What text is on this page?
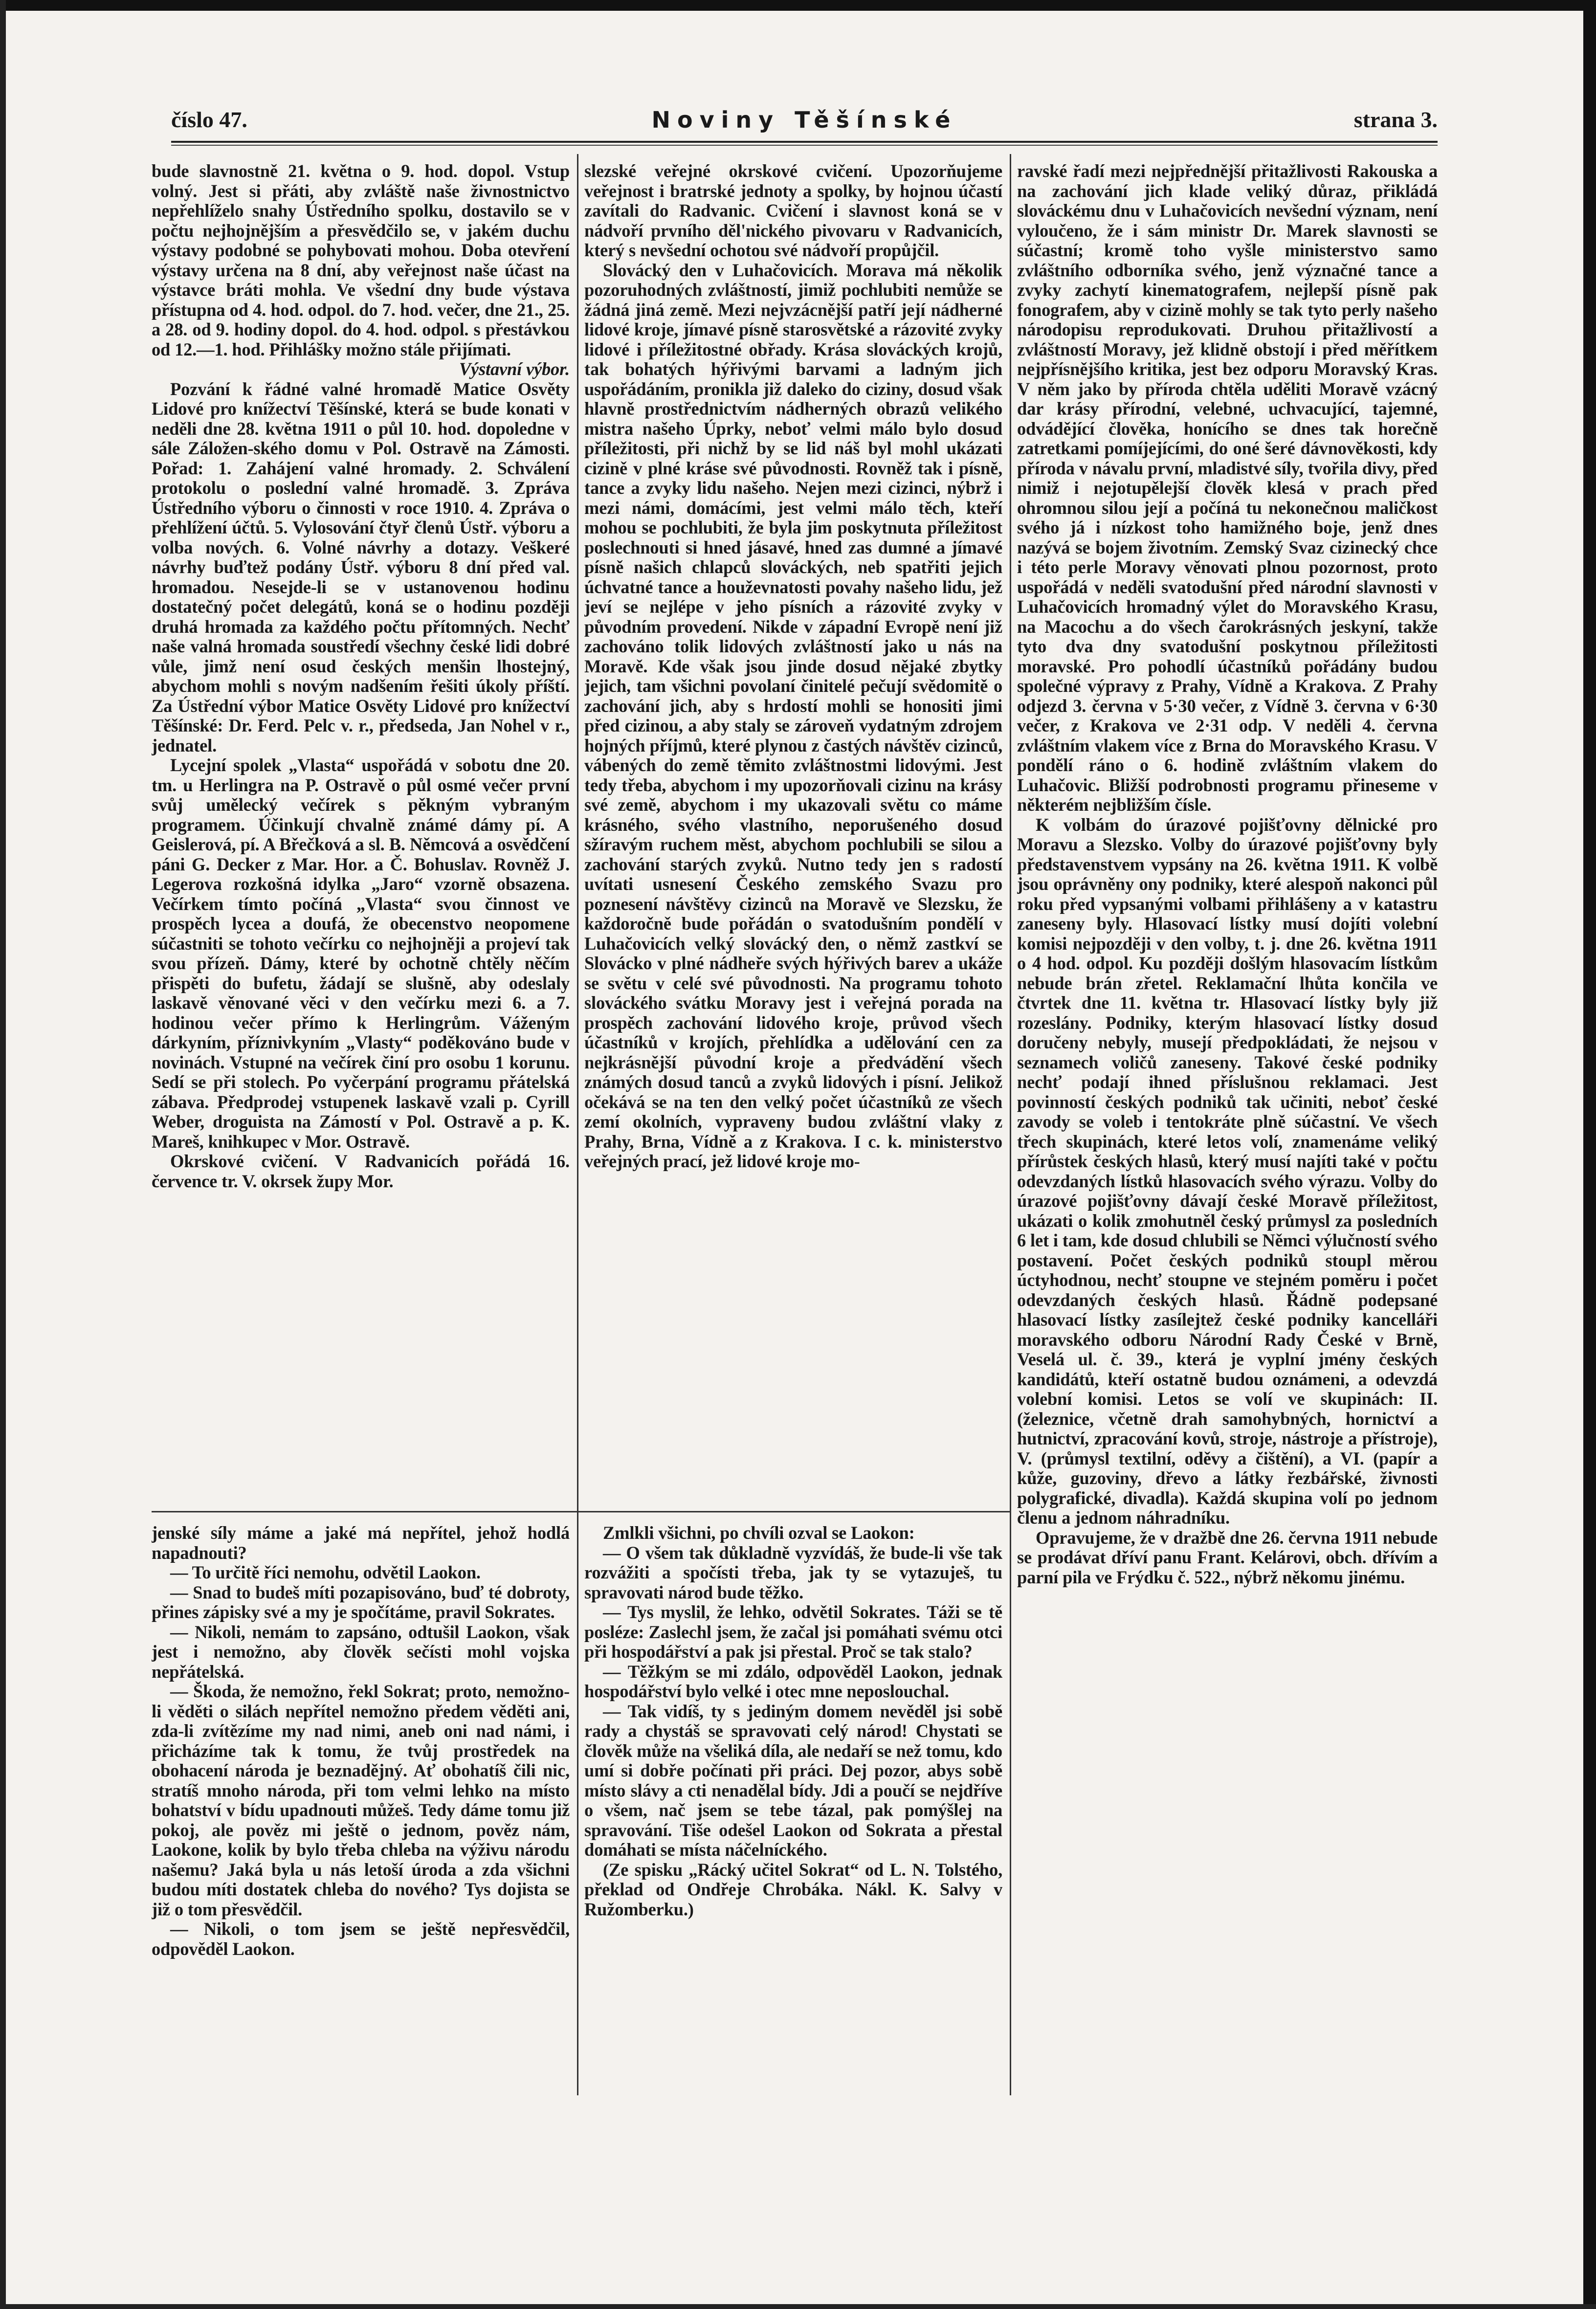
Noviny Těšínské
číslo 47.	strana 3.

bude slavnostně 21. května o 9. hod. dopol. Vstup volný. Jest si přáti, aby zvláště naše živnostnictvo nepřehlíželo snahy Ústředního spolku, dostavilo se v počtu nejhojnějším a přesvědčilo se, v jakém duchu výstavy podobné se pohybovati mohou. Doba otevření výstavy určena na 8 dní, aby veřejnost naše účast na výstavce bráti mohla. Ve všední dny bude výstava přístupna od 4. hod. odpol. do 7. hod. večer, dne 21., 25. a 28. od 9. hodiny dopol. do 4. hod. odpol. s přestávkou od 12.—1. hod. Přihlášky možno stále přijímati.

Výstavní výbor.

Pozvání k řádné valné hromadě Matice Osvěty Lidové pro knížectví Těšínské, která se bude konati v neděli dne 28. května 1911 o půl 10. hod. dopoledne v sále Záložen-ského domu v Pol. Ostravě na Zámosti. Pořad: 1. Zahájení valné hromady. 2. Schválení protokolu o poslední valné hromadě. 3. Zpráva Ústředního výboru o činnosti v roce 1910. 4. Zpráva o přehlížení účtů. 5. Vylosování čtyř členů Ústř. výboru a volba nových. 6. Volné návrhy a dotazy. Veškeré návrhy buďtež podány Ústř. výboru 8 dní před val. hromadou. Nesejde-li se v ustanovenou hodinu dostatečný počet delegátů, koná se o hodinu později druhá hromada za každého počtu přítomných. Nechť naše valná hromada soustředí všechny české lidi dobré vůle, jimž není osud českých menšin lhostejný, abychom mohli s novým nadšením řešiti úkoly příští. Za Ústřední výbor Matice Osvěty Lidové pro knížectví Těšínské: Dr. Ferd. Pelc v. r., předseda, Jan Nohel v r., jednatel.

Lycejní spolek „Vlasta“ uspořádá v sobotu dne 20. tm. u Herlingra na P. Ostravě o půl osmé večer první svůj umělecký večírek s pěkným vybraným programem. Účinkují chvalně známé dámy pí. A Geislerová, pí. A Břečková a sl. B. Němcová a osvědčení páni G. Decker z Mar. Hor. a Č. Bohuslav. Rovněž J. Legerova rozkošná idylka „Jaro“ vzorně obsazena. Večírkem tímto počíná „Vlasta“ svou činnost ve prospěch lycea a doufá, že obecenstvo neopomene súčastniti se tohoto večírku co nejhojněji a projeví tak svou přízeň. Dámy, které by ochotně chtěly něčím přispěti do bufetu, žádají se slušně, aby odeslaly laskavě věnované věci v den večírku mezi 6. a 7. hodinou večer přímo k Herlingrům. Váženým dárkyním, příznivkyním „Vlasty“ poděkováno bude v novinách. Vstupné na večírek činí pro osobu 1 korunu. Sedí se při stolech. Po vyčerpání programu přátelská zábava. Předprodej vstupenek laskavě vzali p. Cyrill Weber, droguista na Zámostí v Pol. Ostravě a p. K. Mareš, knihkupec v Mor. Ostravě.

Okrskové cvičení. V Radvanicích pořádá 16. července tr. V. okrsek župy Mor.

slezské veřejné okrskové cvičení. Upozorňujeme veřejnost i bratrské jednoty a spolky, by hojnou účastí zavítali do Radvanic. Cvičení i slavnost koná se v nádvoří prvního děl'nického pivovaru v Radvanicích, který s nevšední ochotou své nádvoří propůjčil.

Slovácký den v Luhačovicích. Morava má několik pozoruhodných zvláštností, jimiž pochlubiti nemůže se žádná jiná země. Mezi nejvzácnější patří její nádherné lidové kroje, jímavé písně starosvětské a rázovité zvyky lidové i příležitostné obřady. Krása slováckých krojů, tak bohatých hýřivými barvami a ladným jich uspořádáním, pronikla již daleko do ciziny, dosud však hlavně prostřednictvím nádherných obrazů velikého mistra našeho Úprky, neboť velmi málo bylo dosud příležitosti, při nichž by se lid náš byl mohl ukázati cizině v plné kráse své původnosti. Rovněž tak i písně, tance a zvyky lidu našeho. Nejen mezi cizinci, nýbrž i mezi námi, domácími, jest velmi málo těch, kteří mohou se pochlubiti, že byla jim poskytnuta příležitost poslechnouti si hned jásavé, hned zas dumné a jímavé písně našich chlapců slováckých, neb spatřiti jejich úchvatné tance a houževnatosti povahy našeho lidu, jež jeví se nejlépe v jeho písních a rázovité zvyky v původním provedení. Nikde v západní Evropě není již zachováno tolik lidových zvláštností jako u nás na Moravě. Kde však jsou jinde dosud nějaké zbytky jejich, tam všichni povolaní činitelé pečují svědomitě o zachování jich, aby s hrdostí mohli se honositi jimi před cizinou, a aby staly se zároveň vydatným zdrojem hojných příjmů, které plynou z častých návštěv cizinců, vábených do země těmito zvláštnostmi lidovými. Jest tedy třeba, abychom i my upozorňovali cizinu na krásy své země, abychom i my ukazovali světu co máme krásného, svého vlastního, neporušeného dosud sžíravým ruchem měst, abychom pochlubili se silou a zachování starých zvyků. Nutno tedy jen s radostí uvítati usnesení Českého zemského Svazu pro poznesení návštěvy cizinců na Moravě ve Slezsku, že každoročně bude pořádán o svatodušním pondělí v Luhačovicích velký slovácký den, o němž zastkví se Slovácko v plné nádheře svých hýřivých barev a ukáže se světu v celé své původnosti. Na programu tohoto slováckého svátku Moravy jest i veřejná porada na prospěch zachování lidového kroje, průvod všech účastníků v krojích, přehlídka a udělování cen za nejkrásnější původní kroje a předvádění všech známých dosud tanců a zvyků lidových i písní. Jelikož očekává se na ten den velký počet účastníků ze všech zemí okolních, vypraveny budou zvláštní vlaky z Prahy, Brna, Vídně a z Krakova. I c. k. ministerstvo veřejných prací, jež lidové kroje mo-

ravské řadí mezi nejpřednější přitažlivosti Rakouska a na zachování jich klade veliký důraz, přikládá slováckému dnu v Luhačovicích nevšední význam, není vyloučeno, že i sám ministr Dr. Marek slavnosti se súčastní; kromě toho vyšle ministerstvo samo zvláštního odborníka svého, jenž význačné tance a zvyky zachytí kinematografem, nejlepší písně pak fonografem, aby v cizině mohly se tak tyto perly našeho národopisu reprodukovati. Druhou přitažlivostí a zvláštností Moravy, jež klidně obstojí i před měřítkem nejpřísnějšího kritika, jest bez odporu Moravský Kras. V něm jako by příroda chtěla uděliti Moravě vzácný dar krásy přírodní, velebné, uchvacující, tajemné, odvádějící člověka, honícího se dnes tak horečně zatretkami pomíjejícími, do oné šeré dávnověkosti, kdy příroda v návalu první, mladistvé síly, tvořila divy, před nimiž i nejotupělejší člověk klesá v prach před ohromnou silou její a počíná tu nekonečnou maličkost svého já i nízkost toho hamižného boje, jenž dnes nazývá se bojem životním. Zemský Svaz cizinecký chce i této perle Moravy věnovati plnou pozornost, proto uspořádá v neděli svatodušní před národní slavnosti v Luhačovicích hromadný výlet do Moravského Krasu, na Macochu a do všech čarokrásných jeskyní, takže tyto dva dny svatodušní poskytnou příležitosti moravské. Pro pohodlí účastníků pořádány budou společné výpravy z Prahy, Vídně a Krakova. Z Prahy odjezd 3. června v 5·30 večer, z Vídně 3. června v 6·30 večer, z Krakova ve 2·31 odp. V neděli 4. června zvláštním vlakem více z Brna do Moravského Krasu. V pondělí ráno o 6. hodině zvláštním vlakem do Luhačovic. Bližší podrobnosti programu přineseme v některém nejbližším čísle.

K volbám do úrazové pojišťovny dělnické pro Moravu a Slezsko. Volby do úrazové pojišťovny byly představenstvem vypsány na 26. května 1911. K volbě jsou oprávněny ony podniky, které alespoň nakonci půl roku před vypsanými volbami přihlášeny a v katastru zaneseny byly. Hlasovací lístky musí dojíti volební komisi nejpozději v den volby, t. j. dne 26. května 1911 o 4 hod. odpol. Ku později došlým hlasovacím lístkům nebude brán zřetel. Reklamační lhůta končila ve čtvrtek dne 11. května tr. Hlasovací lístky byly již rozeslány. Podniky, kterým hlasovací lístky dosud doručeny nebyly, musejí předpokládati, že nejsou v seznamech voličů zaneseny. Takové české podniky nechť podají ihned příslušnou reklamaci. Jest povinností českých podniků tak učiniti, neboť české zavody se voleb i tentokráte plně súčastní. Ve všech třech skupinách, které letos volí, znamenáme veliký přírůstek českých hlasů, který musí najíti také v počtu odevzdaných lístků hlasovacích svého výrazu. Volby do úrazové pojišťovny dávají české Moravě příležitost, ukázati o kolik zmohutněl český průmysl za posledních 6 let i tam, kde dosud chlubili se Němci výlučností svého postavení. Počet českých podniků stoupl měrou úctyhodnou, nechť stoupne ve stejném poměru i počet odevzdaných českých hlasů. Řádně podepsané hlasovací lístky zasílejtež české podniky kancelláři moravského odboru Národní Rady České v Brně, Veselá ul. č. 39., která je vyplní jmény českých kandidátů, kteří ostatně budou oznámeni, a odevzdá volební komisi. Letos se volí ve skupinách: II. (železnice, včetně drah samohybných, hornictví a hutnictví, zpracování kovů, stroje, nástroje a přístroje), V. (průmysl textilní, oděvy a čištění), a VI. (papír a kůže, guzoviny, dřevo a látky řezbářské, živnosti polygrafické, divadla). Každá skupina volí po jednom členu a jednom náhradníku.

Opravujeme, že v dražbě dne 26. června 1911 nebude se prodávat dříví panu Frant. Kelárovi, obch. dřívím a parní pila ve Frýdku č. 522., nýbrž někomu jinému.

jenské síly máme a jaké má nepřítel, jehož hodlá napadnouti?

— To určitě říci nemohu, odvětil Laokon.

— Snad to budeš míti pozapisováno, buď té dobroty, přines zápisky své a my je spočítáme, pravil Sokrates.

— Nikoli, nemám to zapsáno, odtušil Laokon, však jest i nemožno, aby člověk sečísti mohl vojska nepřátelská.

— Škoda, že nemožno, řekl Sokrat; proto, nemožno-li věděti o silách nepřítel nemožno předem věděti ani, zda-li zvítězíme my nad nimi, aneb oni nad námi, i přicházíme tak k tomu, že tvůj prostředek na obohacení národa je beznadějný. Ať obohatíš čili nic, stratíš mnoho národa, při tom velmi lehko na místo bohatství v bídu upadnouti můžeš. Tedy dáme tomu již pokoj, ale pověz mi ještě o jednom, pověz nám, Laokone, kolik by bylo třeba chleba na výživu národu našemu? Jaká byla u nás letoší úroda a zda všichni budou míti dostatek chleba do nového? Tys dojista se již o tom přesvědčil.

— Nikoli, o tom jsem se ještě nepřesvědčil, odpověděl Laokon.

Zmlkli všichni, po chvíli ozval se Laokon:

— O všem tak důkladně vyzvídáš, že bude-li vše tak rozvážiti a spočísti třeba, jak ty se vytazuješ, tu spravovati národ bude těžko.

— Tys myslil, že lehko, odvětil Sokrates. Táži se tě posléze: Zaslechl jsem, že začal jsi pomáhati svému otci při hospodářství a pak jsi přestal. Proč se tak stalo?

— Těžkým se mi zdálo, odpověděl Laokon, jednak hospodářství bylo velké i otec mne neposlouchal.

— Tak vidíš, ty s jediným domem nevěděl jsi sobě rady a chystáš se spravovati celý národ! Chystati se člověk může na všeliká díla, ale nedaří se než tomu, kdo umí si dobře počínati při práci. Dej pozor, abys sobě místo slávy a cti nenadělal bídy. Jdi a poučí se nejdříve o všem, nač jsem se tebe tázal, pak pomýšlej na spravování. Tiše odešel Laokon od Sokrata a přestal domáhati se místa náčelníckého.

(Ze spisku „Rácký učitel Sokrat“ od L. N. Tolstého, překlad od Ondřeje Chrobáka. Nákl. K. Salvy v Ružomberku.)
